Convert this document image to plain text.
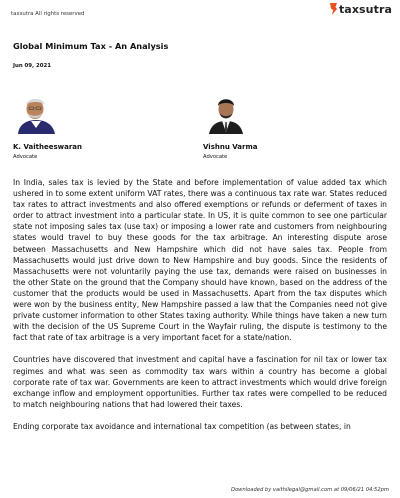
taxsutra All rights reserved	taxsutra
Global Minimum Tax - An Analysis
Jun 09, 2021
K. Vaitheeswaran
Advocate
Vishnu Varma
Advocate

In India, sales tax is levied by the State and before implementation of value added tax which ushered in to some extent uniform VAT rates, there was a continuous tax rate war. States reduced tax rates to attract investments and also offered exemptions or refunds or deferment of taxes in order to attract investment into a particular state. In US, it is quite common to see one particular state not imposing sales tax (use tax) or imposing a lower rate and customers from neighbouring states would travel to buy these goods for the tax arbitrage. An interesting dispute arose between Massachusetts and New Hampshire which did not have sales tax. People from Massachusetts would just drive down to New Hampshire and buy goods. Since the residents of Massachusetts were not voluntarily paying the use tax, demands were raised on businesses in the other State on the ground that the Company should have known, based on the address of the customer that the products would be used in Massachusetts. Apart from the tax disputes which were won by the business entity, New Hampshire passed a law that the Companies need not give private customer information to other States taxing authority. While things have taken a new turn with the decision of the US Supreme Court in the Wayfair ruling, the dispute is testimony to the fact that rate of tax arbitrage is a very important facet for a state/nation.

Countries have discovered that investment and capital have a fascination for nil tax or lower tax regimes and what was seen as commodity tax wars within a country has become a global corporate rate of tax war. Governments are keen to attract investments which would drive foreign exchange inflow and employment opportunities. Further tax rates were compelled to be reduced to match neighbouring nations that had lowered their taxes.

Ending corporate tax avoidance and international tax competition (as between states, in

Downloaded by vaithilegal@gmail.com at 09/06/21 04:52pm
